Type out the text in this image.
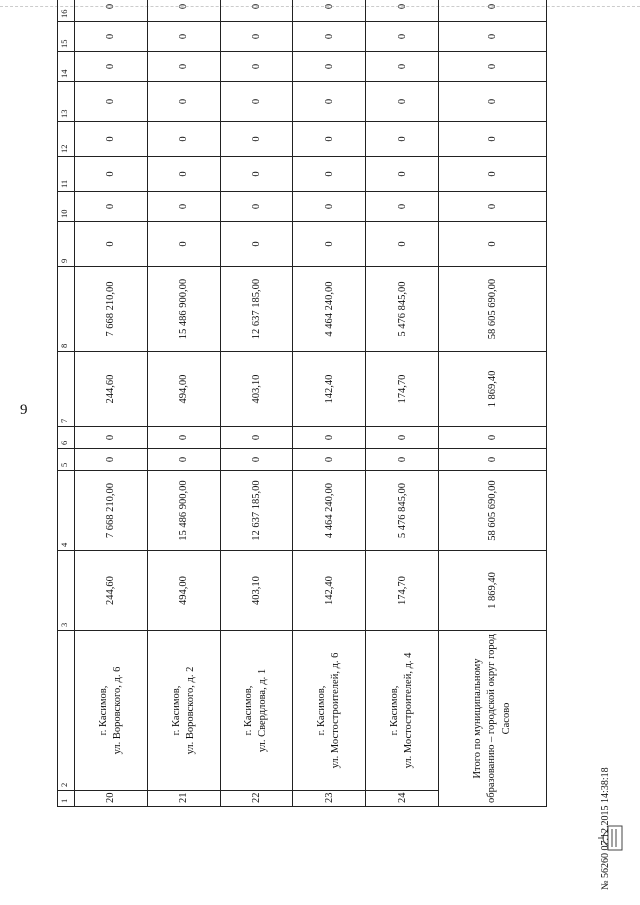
9
1	2	3	4	5	6	7	8	9	10	11	12	13	14	15	16
20	г. Касимов, ул. Воровского, д. 6	244,60	7 668 210,00	0	0	244,60	7 668 210,00	0	0	0	0	0	0	0	0
21	г. Касимов, ул. Воровского, д. 2	494,00	15 486 900,00	0	0	494,00	15 486 900,00	0	0	0	0	0	0	0	0
22	г. Касимов, ул. Свердлова, д. 1	403,10	12 637 185,00	0	0	403,10	12 637 185,00	0	0	0	0	0	0	0	0
23	г. Касимов, ул. Мостостроителей, д. 6	142,40	4 464 240,00	0	0	142,40	4 464 240,00	0	0	0	0	0	0	0	0
24	г. Касимов, ул. Мостостроителей, д. 4	174,70	5 476 845,00	0	0	174,70	5 476 845,00	0	0	0	0	0	0	0	0
Итого по муниципальному образованию – городской округ город Сасово		1 869,40	58 605 690,00	0	0	1 869,40	58 605 690,00	0	0	0	0	0	0	0	0
№ 56260 07.12.2015 14:38:18
